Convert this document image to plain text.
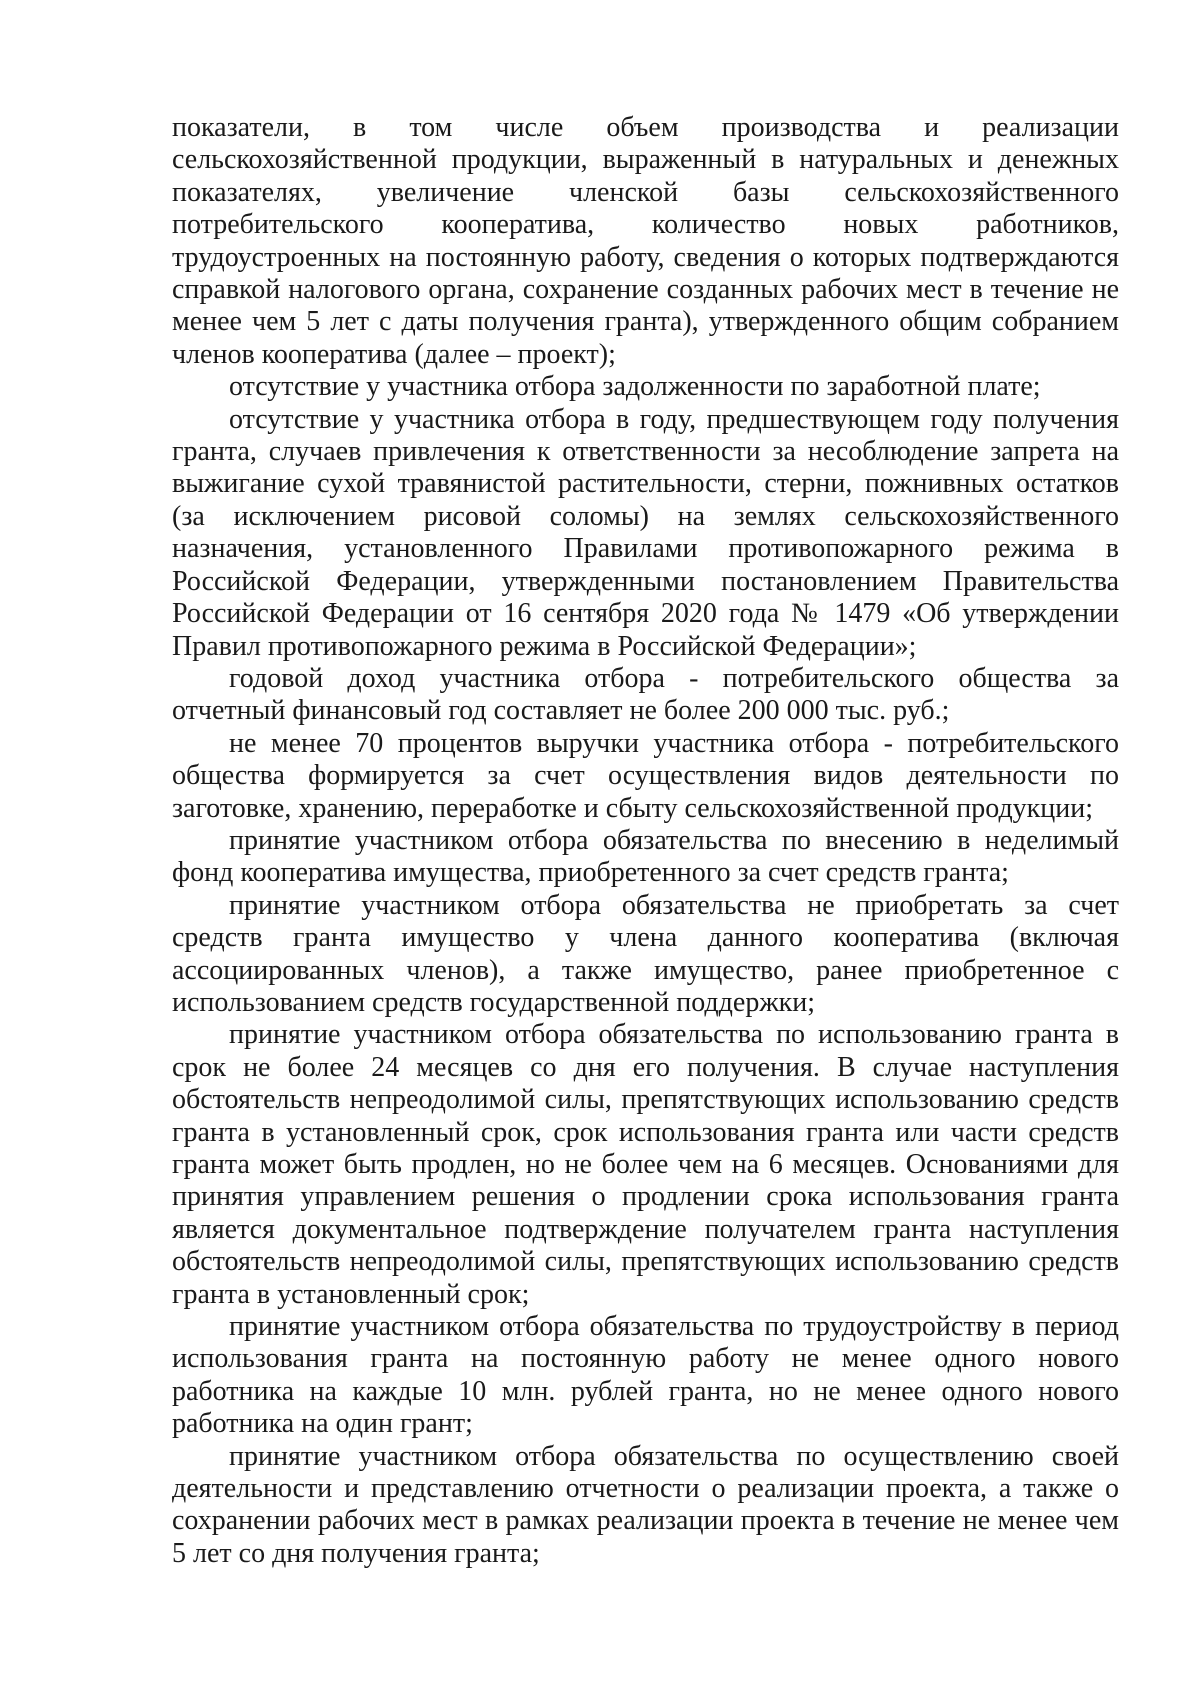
показатели, в том числе объем производства и реализации сельскохозяйственной продукции, выраженный в натуральных и денежных показателях, увеличение членской базы сельскохозяйственного потребительского кооператива, количество новых работников, трудоустроенных на постоянную работу, сведения о которых подтверждаются справкой налогового органа, сохранение созданных рабочих мест в течение не менее чем 5 лет с даты получения гранта), утвержденного общим собранием членов кооператива (далее – проект);

отсутствие у участника отбора задолженности по заработной плате;

отсутствие у участника отбора в году, предшествующем году получения гранта, случаев привлечения к ответственности за несоблюдение запрета на выжигание сухой травянистой растительности, стерни, пожнивных остатков (за исключением рисовой соломы) на землях сельскохозяйственного назначения, установленного Правилами противопожарного режима в Российской Федерации, утвержденными постановлением Правительства Российской Федерации от 16 сентября 2020 года № 1479 «Об утверждении Правил противопожарного режима в Российской Федерации»;

годовой доход участника отбора - потребительского общества за отчетный финансовый год составляет не более 200 000 тыс. руб.;

не менее 70 процентов выручки участника отбора - потребительского общества формируется за счет осуществления видов деятельности по заготовке, хранению, переработке и сбыту сельскохозяйственной продукции;

принятие участником отбора обязательства по внесению в неделимый фонд кооператива имущества, приобретенного за счет средств гранта;

принятие участником отбора обязательства не приобретать за счет средств гранта имущество у члена данного кооператива (включая ассоциированных членов), а также имущество, ранее приобретенное с использованием средств государственной поддержки;

принятие участником отбора обязательства по использованию гранта в срок не более 24 месяцев со дня его получения. В случае наступления обстоятельств непреодолимой силы, препятствующих использованию средств гранта в установленный срок, срок использования гранта или части средств гранта может быть продлен, но не более чем на 6 месяцев. Основаниями для принятия управлением решения о продлении срока использования гранта является документальное подтверждение получателем гранта наступления обстоятельств непреодолимой силы, препятствующих использованию средств гранта в установленный срок;

принятие участником отбора обязательства по трудоустройству в период использования гранта на постоянную работу не менее одного нового работника на каждые 10 млн. рублей гранта, но не менее одного нового работника на один грант;

принятие участником отбора обязательства по осуществлению своей деятельности и представлению отчетности о реализации проекта, а также о сохранении рабочих мест в рамках реализации проекта в течение не менее чем 5 лет со дня получения гранта;
